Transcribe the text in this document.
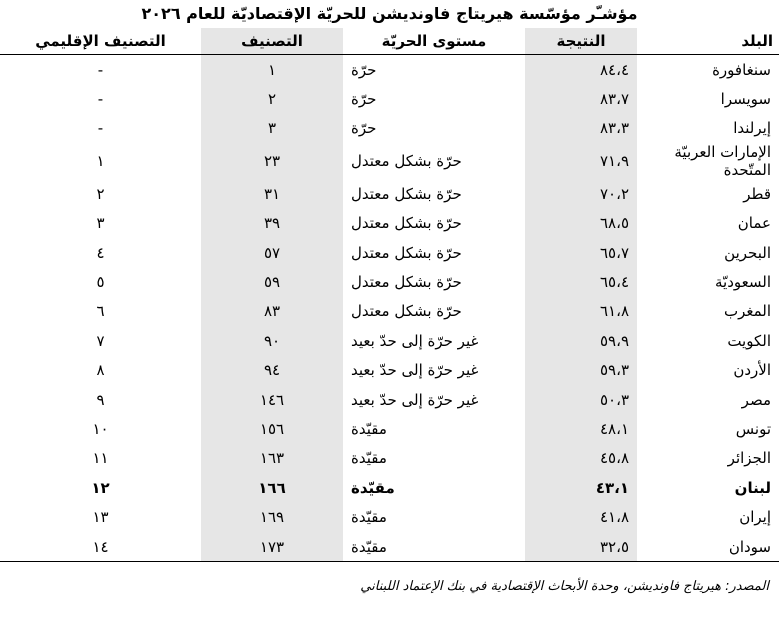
مؤشـّر مؤسّسة هيريتاج فاونديشن للحريّة الإقتصاديّة للعام ٢٠٢٦
البلد	النتيجة	مستوى الحريّة	التصنيف	التصنيف الإقليمي
سنغافورة	٨٤،٤	حرّة	١	-
سويسرا	٨٣،٧	حرّة	٢	-
إيرلندا	٨٣،٣	حرّة	٣	-
الإمارات العربيّة المتّحدة	٧١،٩	حرّة بشكل معتدل	٢٣	١
قطر	٧٠،٢	حرّة بشكل معتدل	٣١	٢
عمان	٦٨،٥	حرّة بشكل معتدل	٣٩	٣
البحرين	٦٥،٧	حرّة بشكل معتدل	٥٧	٤
السعوديّة	٦٥،٤	حرّة بشكل معتدل	٥٩	٥
المغرب	٦١،٨	حرّة بشكل معتدل	٨٣	٦
الكويت	٥٩،٩	غير حرّة إلى حدّ بعيد	٩٠	٧
الأردن	٥٩،٣	غير حرّة إلى حدّ بعيد	٩٤	٨
مصر	٥٠،٣	غير حرّة إلى حدّ بعيد	١٤٦	٩
تونس	٤٨،١	مقيّدة	١٥٦	١٠
الجزائر	٤٥،٨	مقيّدة	١٦٣	١١
لبنان	٤٣،١	مقيّدة	١٦٦	١٢
إيران	٤١،٨	مقيّدة	١٦٩	١٣
سودان	٣٢،٥	مقيّدة	١٧٣	١٤
المصدر: هيريتاج فاونديشن، وحدة الأبحاث الإقتصادية في بنك الإعتماد اللبناني
